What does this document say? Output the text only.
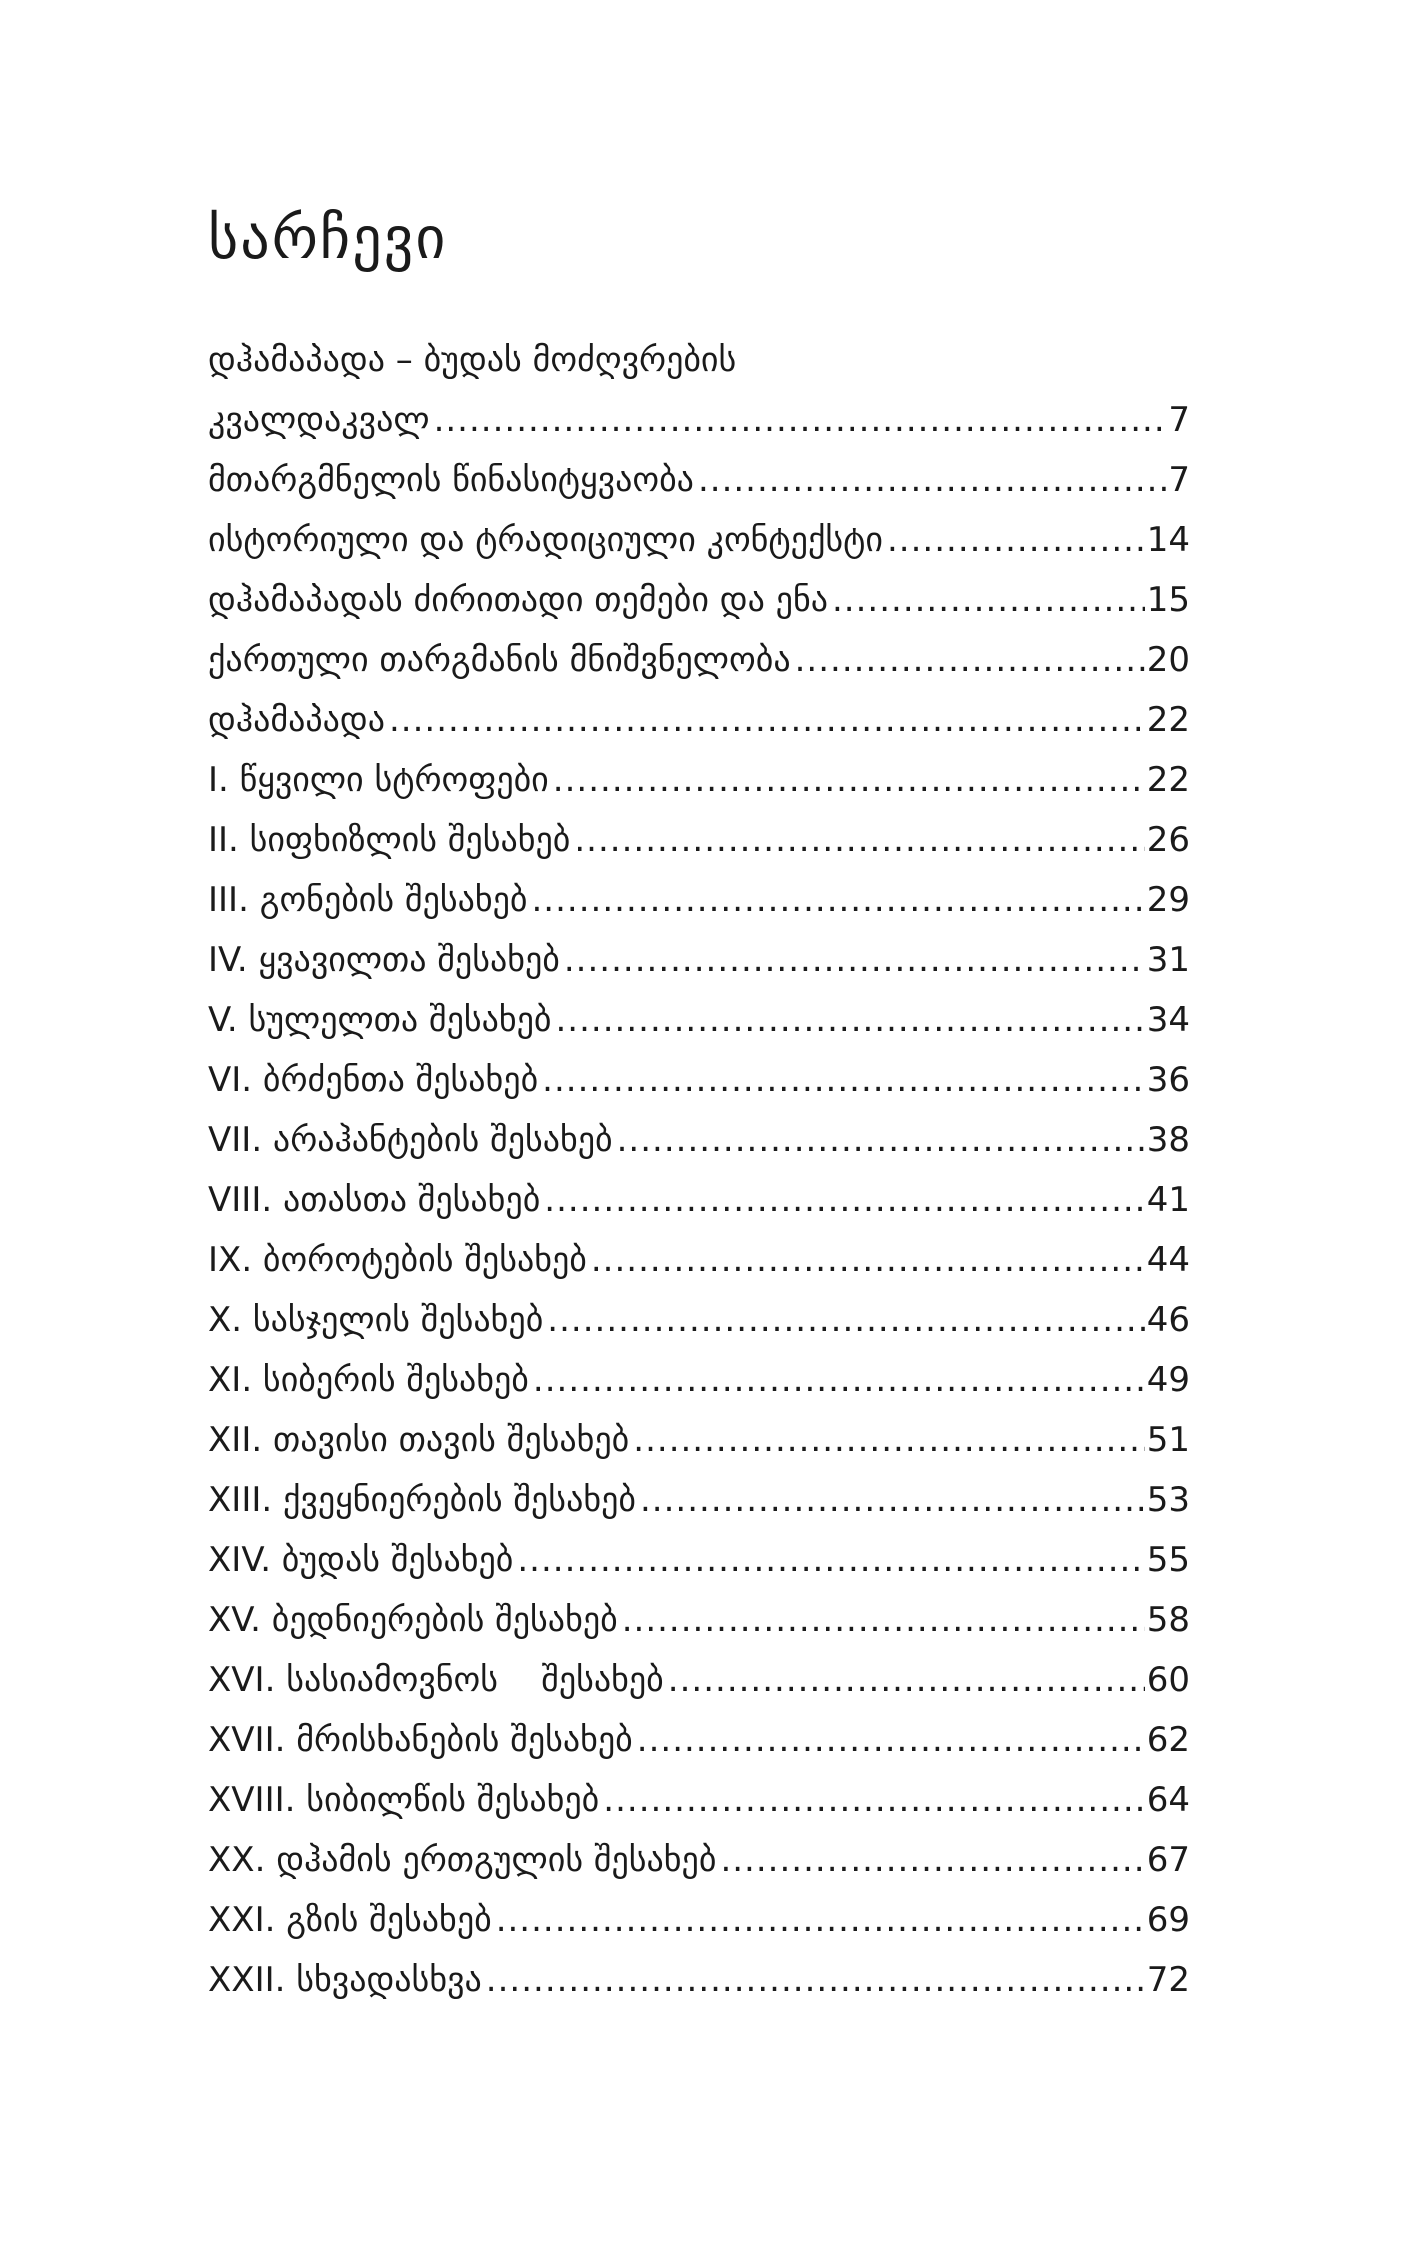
სარჩევი
დჰამაპადა – ბუდას მოძღვრების
კვალდაკვალ .....	7
მთარგმნელის წინასიტყვაობა .....	7
ისტორიული და ტრადიციული კონტექსტი .....	14
დჰამაპადას ძირითადი თემები და ენა .....	15
ქართული თარგმანის მნიშვნელობა .....	20
დჰამაპადა .....	22
I. წყვილი სტროფები .....	22
II. სიფხიზლის შესახებ .....	26
III. გონების შესახებ .....	29
IV. ყვავილთა შესახებ .....	31
V. სულელთა შესახებ .....	34
VI. ბრძენთა შესახებ .....	36
VII. არაჰანტების შესახებ .....	38
VIII. ათასთა შესახებ .....	41
IX. ბოროტების შესახებ .....	44
X. სასჯელის შესახებ .....	46
XI. სიბერის შესახებ .....	49
XII. თავისი თავის შესახებ .....	51
XIII. ქვეყნიერების შესახებ .....	53
XIV. ბუდას შესახებ .....	55
XV. ბედნიერების შესახებ .....	58
XVI. სასიამოვნოს    შესახებ .....	60
XVII. მრისხანების შესახებ .....	62
XVIII. სიბილწის შესახებ .....	64
XX. დჰამის ერთგულის შესახებ .....	67
XXI. გზის შესახებ .....	69
XXII. სხვადასხვა .....	72
